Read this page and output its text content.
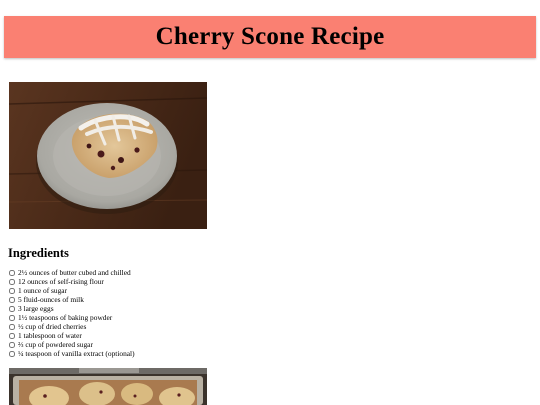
Cherry Scone Recipe
Ingredients
2½ ounces of butter cubed and chilled
12 ounces of self-rising flour
1 ounce of sugar
5 fluid-ounces of milk
3 large eggs
1½ teaspoons of baking powder
½ cup of dried cherries
1 tablespoon of water
⅔ cup of powdered sugar
¼ teaspoon of vanilla extract (optional)
